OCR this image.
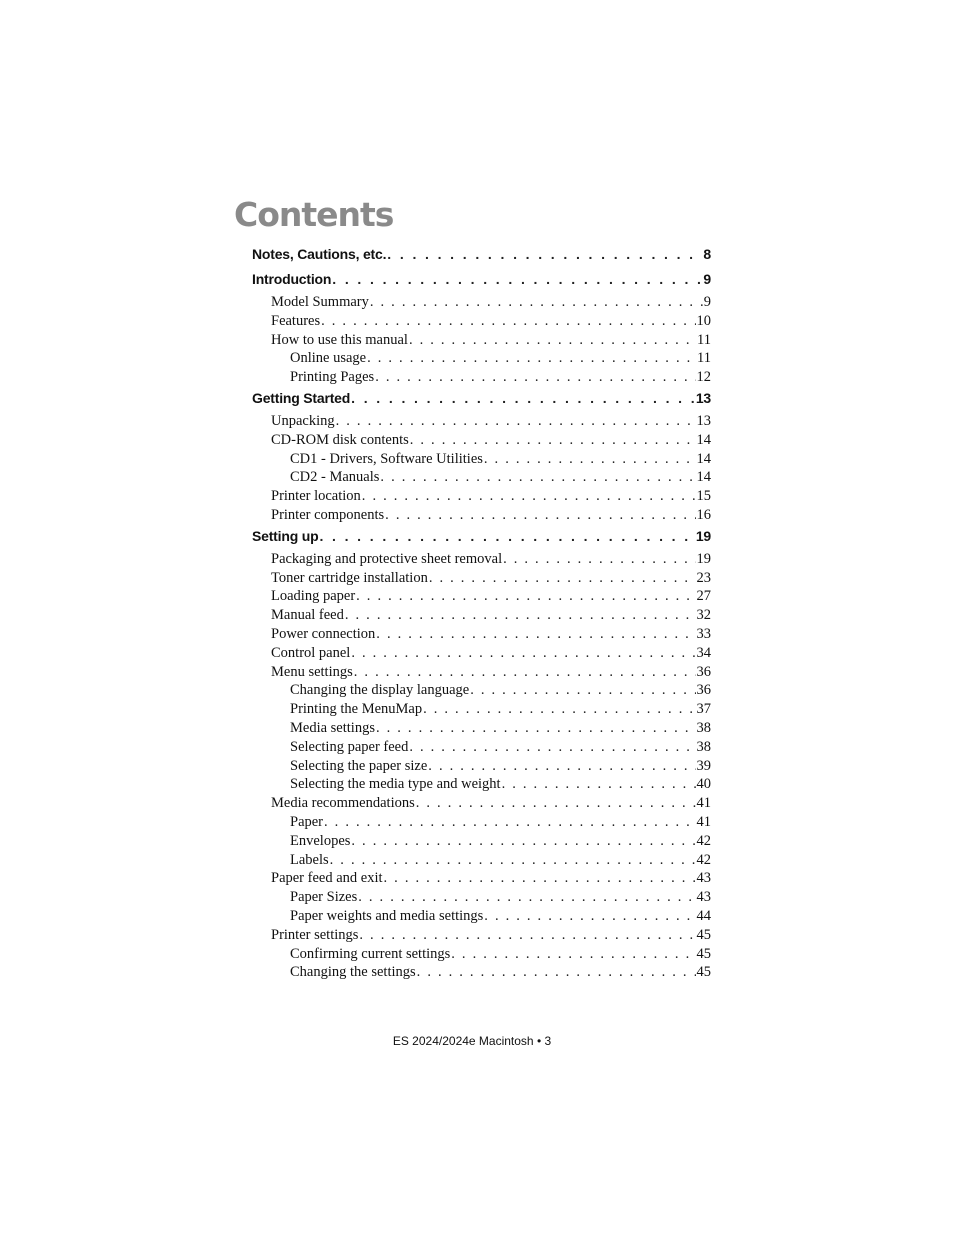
Contents
Notes, Cautions, etc. . . .	8
Introduction . . .	9
Model Summary . . .	9
Features . . .	10
How to use this manual . . .	11
Online usage . . .	11
Printing Pages . . .	12
Getting Started . . .	13
Unpacking . . .	13
CD-ROM disk contents . . .	14
CD1 - Drivers, Software Utilities . . .	14
CD2 - Manuals . . .	14
Printer location . . .	15
Printer components . . .	16
Setting up . . .	19
Packaging and protective sheet removal . . .	19
Toner cartridge installation . . .	23
Loading paper . . .	27
Manual feed . . .	32
Power connection . . .	33
Control panel . . .	34
Menu settings . . .	36
Changing the display language . . .	36
Printing the MenuMap . . .	37
Media settings . . .	38
Selecting paper feed . . .	38
Selecting the paper size . . .	39
Selecting the media type and weight . . .	40
Media recommendations . . .	41
Paper . . .	41
Envelopes . . .	42
Labels . . .	42
Paper feed and exit . . .	43
Paper Sizes . . .	43
Paper weights and media settings . . .	44
Printer settings . . .	45
Confirming current settings . . .	45
Changing the settings . . .	45
ES 2024/2024e Macintosh • 3
